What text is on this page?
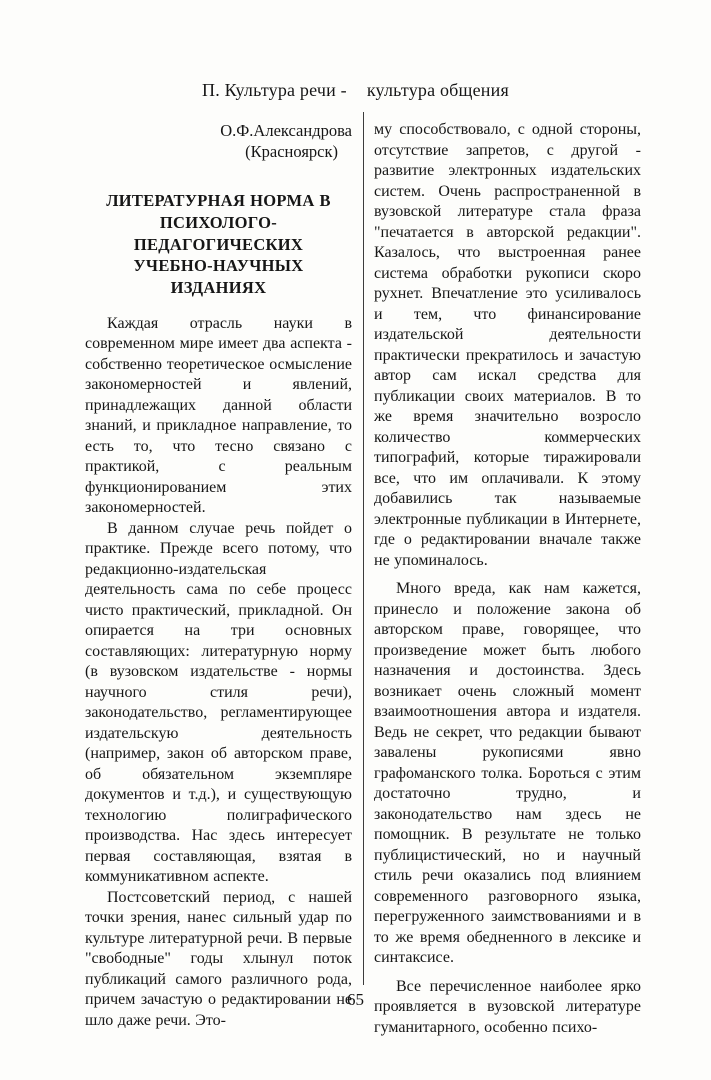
П. Культура речи - культура общения
О.Ф.Александрова
(Красноярск)
ЛИТЕРАТУРНАЯ НОРМА В
ПСИХОЛОГО-
ПЕДАГОГИЧЕСКИХ
УЧЕБНО-НАУЧНЫХ
ИЗДАНИЯХ

Каждая отрасль науки в современном мире имеет два аспекта - собственно теоретическое осмысление закономерностей и явлений, принадлежащих данной области знаний, и прикладное направление, то есть то, что тесно связано с практикой, с реальным функционированием этих закономерностей.

В данном случае речь пойдет о практике. Прежде всего потому, что редакционно-издательская деятельность сама по себе процесс чисто практический, прикладной. Он опирается на три основных составляющих: литературную норму (в вузовском издательстве - нормы научного стиля речи), законодательство, регламентирующее издательскую деятельность (например, закон об авторском праве, об обязательном экземпляре документов и т.д.), и существующую технологию полиграфического производства. Нас здесь интересует первая составляющая, взятая в коммуникативном аспекте.

Постсоветский период, с нашей точки зрения, нанес сильный удар по культуре литературной речи. В первые "свободные" годы хлынул поток публикаций самого различного рода, причем зачастую о редактировании не шло даже речи. Это-

му способствовало, с одной стороны, отсутствие запретов, с другой - развитие электронных издательских систем. Очень распространенной в вузовской литературе стала фраза "печатается в авторской редакции". Казалось, что выстроенная ранее система обработки рукописи скоро рухнет. Впечатление это усиливалось и тем, что финансирование издательской деятельности практически прекратилось и зачастую автор сам искал средства для публикации своих материалов. В то же время значительно возросло количество коммерческих типографий, которые тиражировали все, что им оплачивали. К этому добавились так называемые электронные публикации в Интернете, где о редактировании вначале также не упоминалось.

Много вреда, как нам кажется, принесло и положение закона об авторском праве, говорящее, что произведение может быть любого назначения и достоинства. Здесь возникает очень сложный момент взаимоотношения автора и издателя. Ведь не секрет, что редакции бывают завалены рукописями явно графоманского толка. Бороться с этим достаточно трудно, и законодательство нам здесь не помощник. В результате не только публицистический, но и научный стиль речи оказались под влиянием современного разговорного языка, перегруженного заимствованиями и в то же время обедненного в лексике и синтаксисе.

Все перечисленное наиболее ярко проявляется в вузовской литературе гуманитарного, особенно психо-

65
